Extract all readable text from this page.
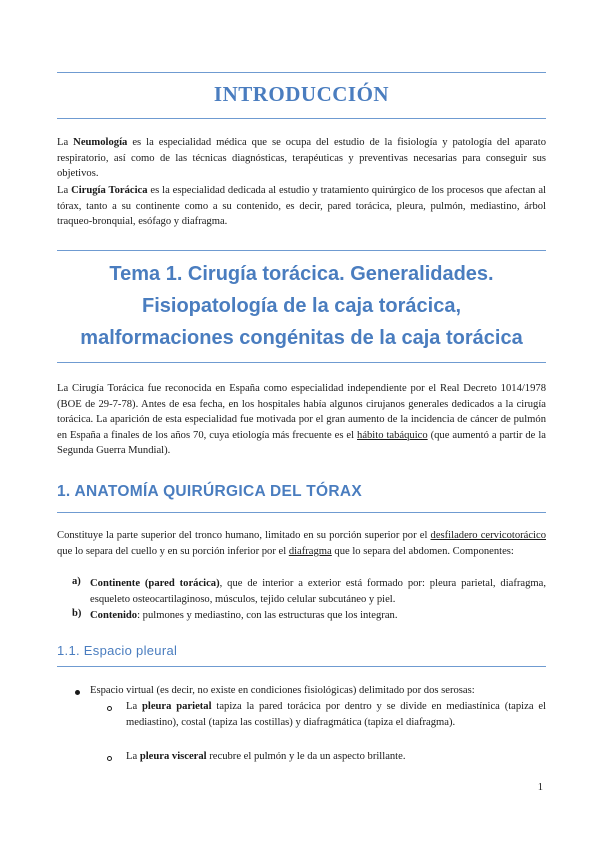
INTRODUCCIÓN

La Neumología es la especialidad médica que se ocupa del estudio de la fisiología y patología del aparato respiratorio, así como de las técnicas diagnósticas, terapéuticas y preventivas necesarias para conseguir sus objetivos.

La Cirugía Torácica es la especialidad dedicada al estudio y tratamiento quirúrgico de los procesos que afectan al tórax, tanto a su continente como a su contenido, es decir, pared torácica, pleura, pulmón, mediastino, árbol traqueo-bronquial, esófago y diafragma.

Tema 1. Cirugía torácica. Generalidades.
Fisiopatología de la caja torácica,
malformaciones congénitas de la caja torácica

La Cirugía Torácica fue reconocida en España como especialidad independiente por el Real Decreto 1014/1978 (BOE de 29-7-78). Antes de esa fecha, en los hospitales había algunos cirujanos generales dedicados a la cirugía torácica. La aparición de esta especialidad fue motivada por el gran aumento de la incidencia de cáncer de pulmón en España a finales de los años 70, cuya etiología más frecuente es el hábito tabáquico (que aumentó a partir de la Segunda Guerra Mundial).

1. ANATOMÍA QUIRÚRGICA DEL TÓRAX

Constituye la parte superior del tronco humano, limitado en su porción superior por el desfiladero cervicotorácico que lo separa del cuello y en su porción inferior por el diafragma que lo separa del abdomen. Componentes:

a) Continente (pared torácica), que de interior a exterior está formado por: pleura parietal, diafragma, esqueleto osteocartilaginoso, músculos, tejido celular subcutáneo y piel.

b) Contenido: pulmones y mediastino, con las estructuras que los integran.

1.1. Espacio pleural

Espacio virtual (es decir, no existe en condiciones fisiológicas) delimitado por dos serosas:

La pleura parietal tapiza la pared torácica por dentro y se divide en mediastínica (tapiza el mediastino), costal (tapiza las costillas) y diafragmática (tapiza el diafragma).

La pleura visceral recubre el pulmón y le da un aspecto brillante.

1
